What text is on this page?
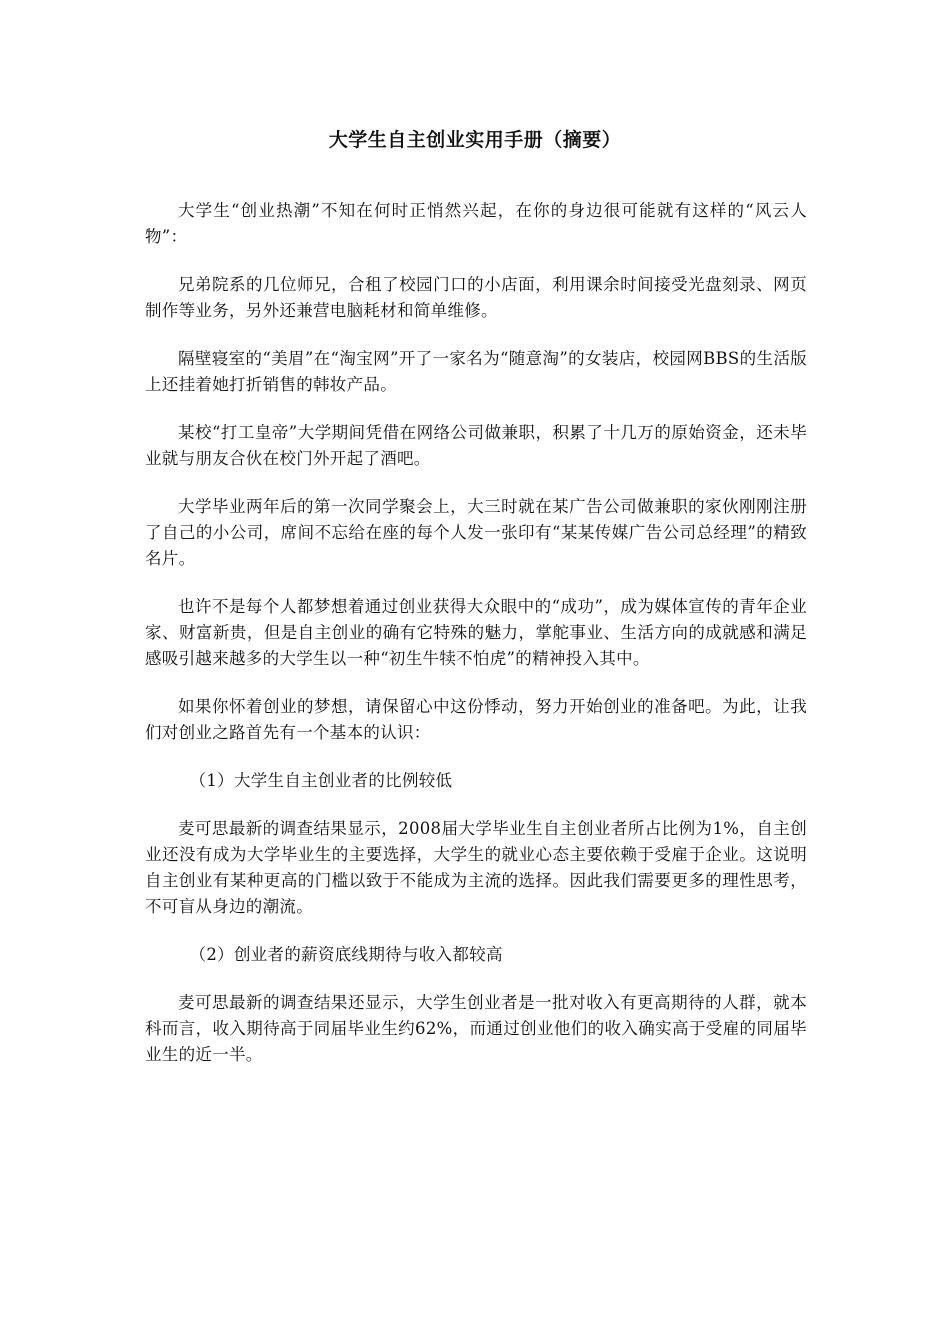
大学生自主创业实用手册（摘要）

大学生“创业热潮”不知在何时正悄然兴起，在你的身边很可能就有这样的“风云人物”：

兄弟院系的几位师兄，合租了校园门口的小店面，利用课余时间接受光盘刻录、网页制作等业务，另外还兼营电脑耗材和简单维修。

隔壁寝室的“美眉”在“淘宝网”开了一家名为“随意淘”的女装店，校园网BBS的生活版上还挂着她打折销售的韩妆产品。

某校“打工皇帝”大学期间凭借在网络公司做兼职，积累了十几万的原始资金，还未毕业就与朋友合伙在校门外开起了酒吧。

大学毕业两年后的第一次同学聚会上，大三时就在某广告公司做兼职的家伙刚刚注册了自己的小公司，席间不忘给在座的每个人发一张印有“某某传媒广告公司总经理”的精致名片。

也许不是每个人都梦想着通过创业获得大众眼中的“成功”，成为媒体宣传的青年企业家、财富新贵，但是自主创业的确有它特殊的魅力，掌舵事业、生活方向的成就感和满足感吸引越来越多的大学生以一种“初生牛犊不怕虎”的精神投入其中。

如果你怀着创业的梦想，请保留心中这份悸动，努力开始创业的准备吧。为此，让我们对创业之路首先有一个基本的认识：

（1）大学生自主创业者的比例较低

麦可思最新的调查结果显示，2008届大学毕业生自主创业者所占比例为1%，自主创业还没有成为大学毕业生的主要选择，大学生的就业心态主要依赖于受雇于企业。这说明自主创业有某种更高的门槛以致于不能成为主流的选择。因此我们需要更多的理性思考，不可盲从身边的潮流。

（2）创业者的薪资底线期待与收入都较高

麦可思最新的调查结果还显示，大学生创业者是一批对收入有更高期待的人群，就本科而言，收入期待高于同届毕业生约62%，而通过创业他们的收入确实高于受雇的同届毕业生的近一半。
